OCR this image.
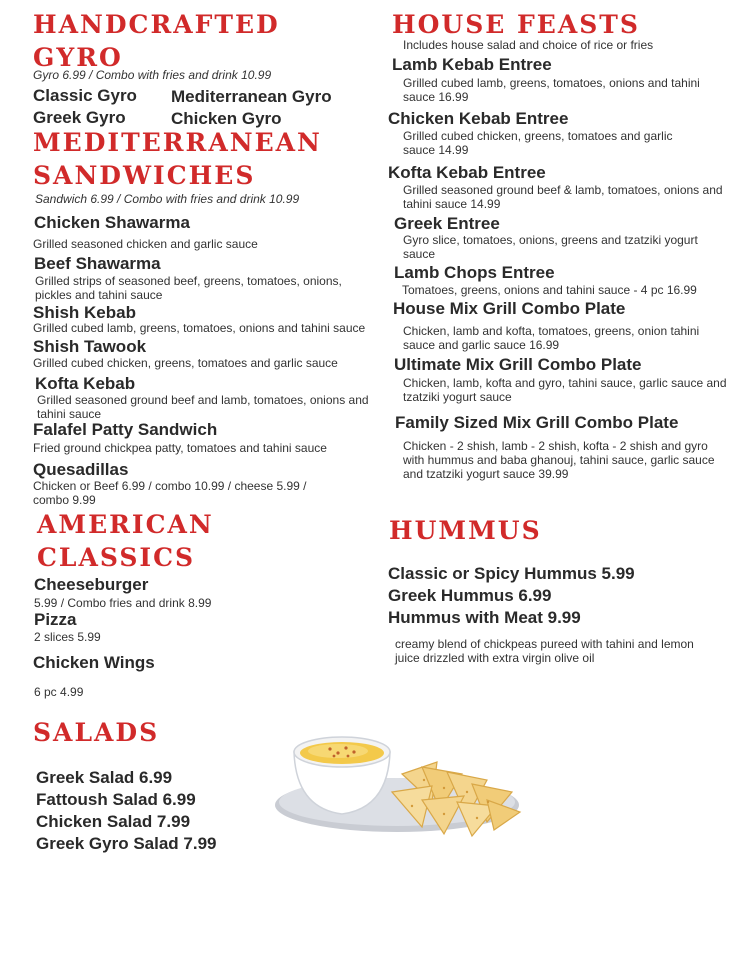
HANDCRAFTED
GYRO
Gyro 6.99 / Combo with fries and drink 10.99
Classic Gyro Mediterranean Gyro
Greek Gyro	Chicken Gyro
MEDITERRANEAN
SANDWICHES
Sandwich 6.99 / Combo with fries and drink 10.99
Chicken Shawarma
Grilled seasoned chicken and garlic sauce
Beef Shawarma
Grilled strips of seasoned beef, greens, tomatoes, onions, pickles and tahini sauce
Shish Kebab
Grilled cubed lamb, greens, tomatoes, onions and tahini sauce
Shish Tawook
Grilled cubed chicken, greens, tomatoes and garlic sauce
Kofta Kebab
Grilled seasoned ground beef and lamb, tomatoes, onions and tahini sauce
Falafel Patty Sandwich
Fried ground chickpea patty, tomatoes and tahini sauce
Quesadillas
Chicken or Beef 6.99 / combo 10.99 / cheese 5.99 / combo 9.99
AMERICAN
CLASSICS
Cheeseburger
5.99 / Combo fries and drink 8.99
Pizza
2 slices 5.99
Chicken Wings
6 pc 4.99
SALADS
Greek Salad 6.99
Fattoush Salad 6.99
Chicken Salad 7.99
Greek Gyro Salad 7.99
HOUSE FEASTS
Includes house salad and choice of rice or fries
Lamb Kebab Entree
Grilled cubed lamb, greens, tomatoes, onions and tahini sauce 16.99
Chicken Kebab Entree
Grilled cubed chicken, greens, tomatoes and garlic sauce 14.99
Kofta Kebab Entree
Grilled seasoned ground beef & lamb, tomatoes, onions and tahini sauce 14.99
Greek Entree
Gyro slice, tomatoes, onions, greens and tzatziki yogurt sauce
Lamb Chops Entree
Tomatoes, greens, onions and tahini sauce - 4 pc 16.99
House Mix Grill Combo Plate
Chicken, lamb and kofta, tomatoes, greens, onion tahini sauce and garlic sauce 16.99
Ultimate Mix Grill Combo Plate
Chicken, lamb, kofta and gyro, tahini sauce, garlic sauce and tzatziki yogurt sauce
Family Sized Mix Grill Combo Plate
Chicken - 2 shish, lamb - 2 shish, kofta - 2 shish and gyro with hummus and baba ghanouj, tahini sauce, garlic sauce and tzatziki yogurt sauce 39.99
HUMMUS
Classic or Spicy Hummus 5.99
Greek Hummus 6.99
Hummus with Meat 9.99
creamy blend of chickpeas pureed with tahini and lemon juice drizzled with extra virgin olive oil
